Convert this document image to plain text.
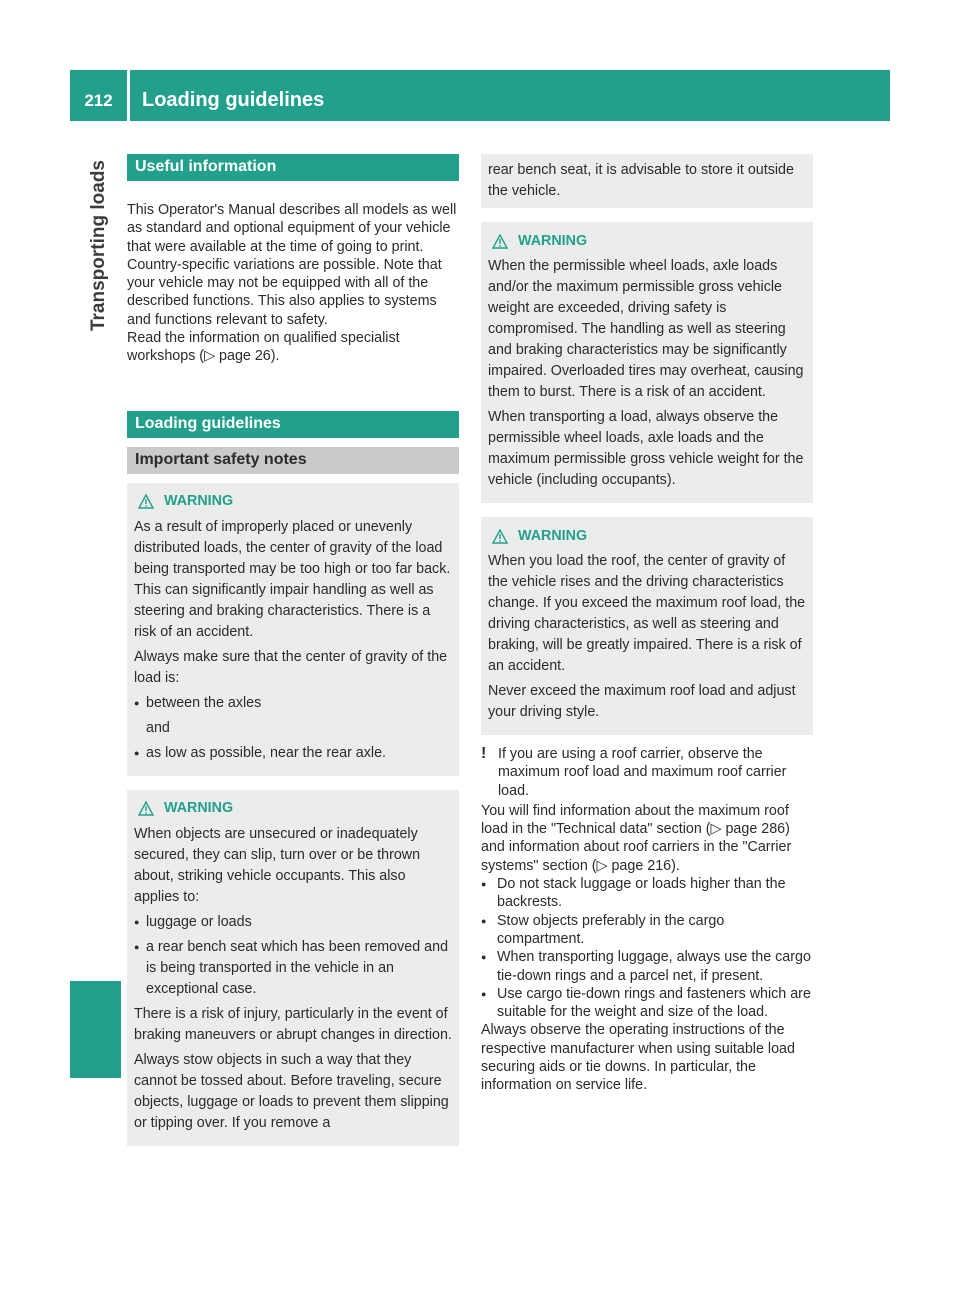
212	Loading guidelines
Transporting loads	Useful information

This Operator's Manual describes all models as well as standard and optional equipment of your vehicle that were available at the time of going to print. Country-specific variations are possible. Note that your vehicle may not be equipped with all of the described functions. This also applies to systems and functions relevant to safety.

Read the information on qualified specialist workshops (▷ page 26).

Loading guidelines
Important safety notes
WARNING

As a result of improperly placed or unevenly distributed loads, the center of gravity of the load being transported may be too high or too far back. This can significantly impair handling as well as steering and braking characteristics. There is a risk of an accident.

Always make sure that the center of gravity of the load is:

● between the axles
and
● as low as possible, near the rear axle.
WARNING

When objects are unsecured or inadequately secured, they can slip, turn over or be thrown about, striking vehicle occupants. This also applies to:

● luggage or loads
● a rear bench seat which has been removed and is being transported in the vehicle in an exceptional case.

There is a risk of injury, particularly in the event of braking maneuvers or abrupt changes in direction.

Always stow objects in such a way that they cannot be tossed about. Before traveling, secure objects, luggage or loads to prevent them slipping or tipping over. If you remove a

rear bench seat, it is advisable to store it outside the vehicle.

WARNING

When the permissible wheel loads, axle loads and/or the maximum permissible gross vehicle weight are exceeded, driving safety is compromised. The handling as well as steering and braking characteristics may be significantly impaired. Overloaded tires may overheat, causing them to burst. There is a risk of an accident.

When transporting a load, always observe the permissible wheel loads, axle loads and the maximum permissible gross vehicle weight for the vehicle (including occupants).

WARNING

When you load the roof, the center of gravity of the vehicle rises and the driving characteristics change. If you exceed the maximum roof load, the driving characteristics, as well as steering and braking, will be greatly impaired. There is a risk of an accident.

Never exceed the maximum roof load and adjust your driving style.

! If you are using a roof carrier, observe the maximum roof load and maximum roof carrier load.
You will find information about the maximum roof load in the "Technical data" section (▷ page 286) and information about roof carriers in the "Carrier systems" section (▷ page 216).
● Do not stack luggage or loads higher than the backrests.
● Stow objects preferably in the cargo compartment.
● When transporting luggage, always use the cargo tie-down rings and a parcel net, if present.
● Use cargo tie-down rings and fasteners which are suitable for the weight and size of the load.
Always observe the operating instructions of the respective manufacturer when using suitable load securing aids or tie downs. In particular, the information on service life.
